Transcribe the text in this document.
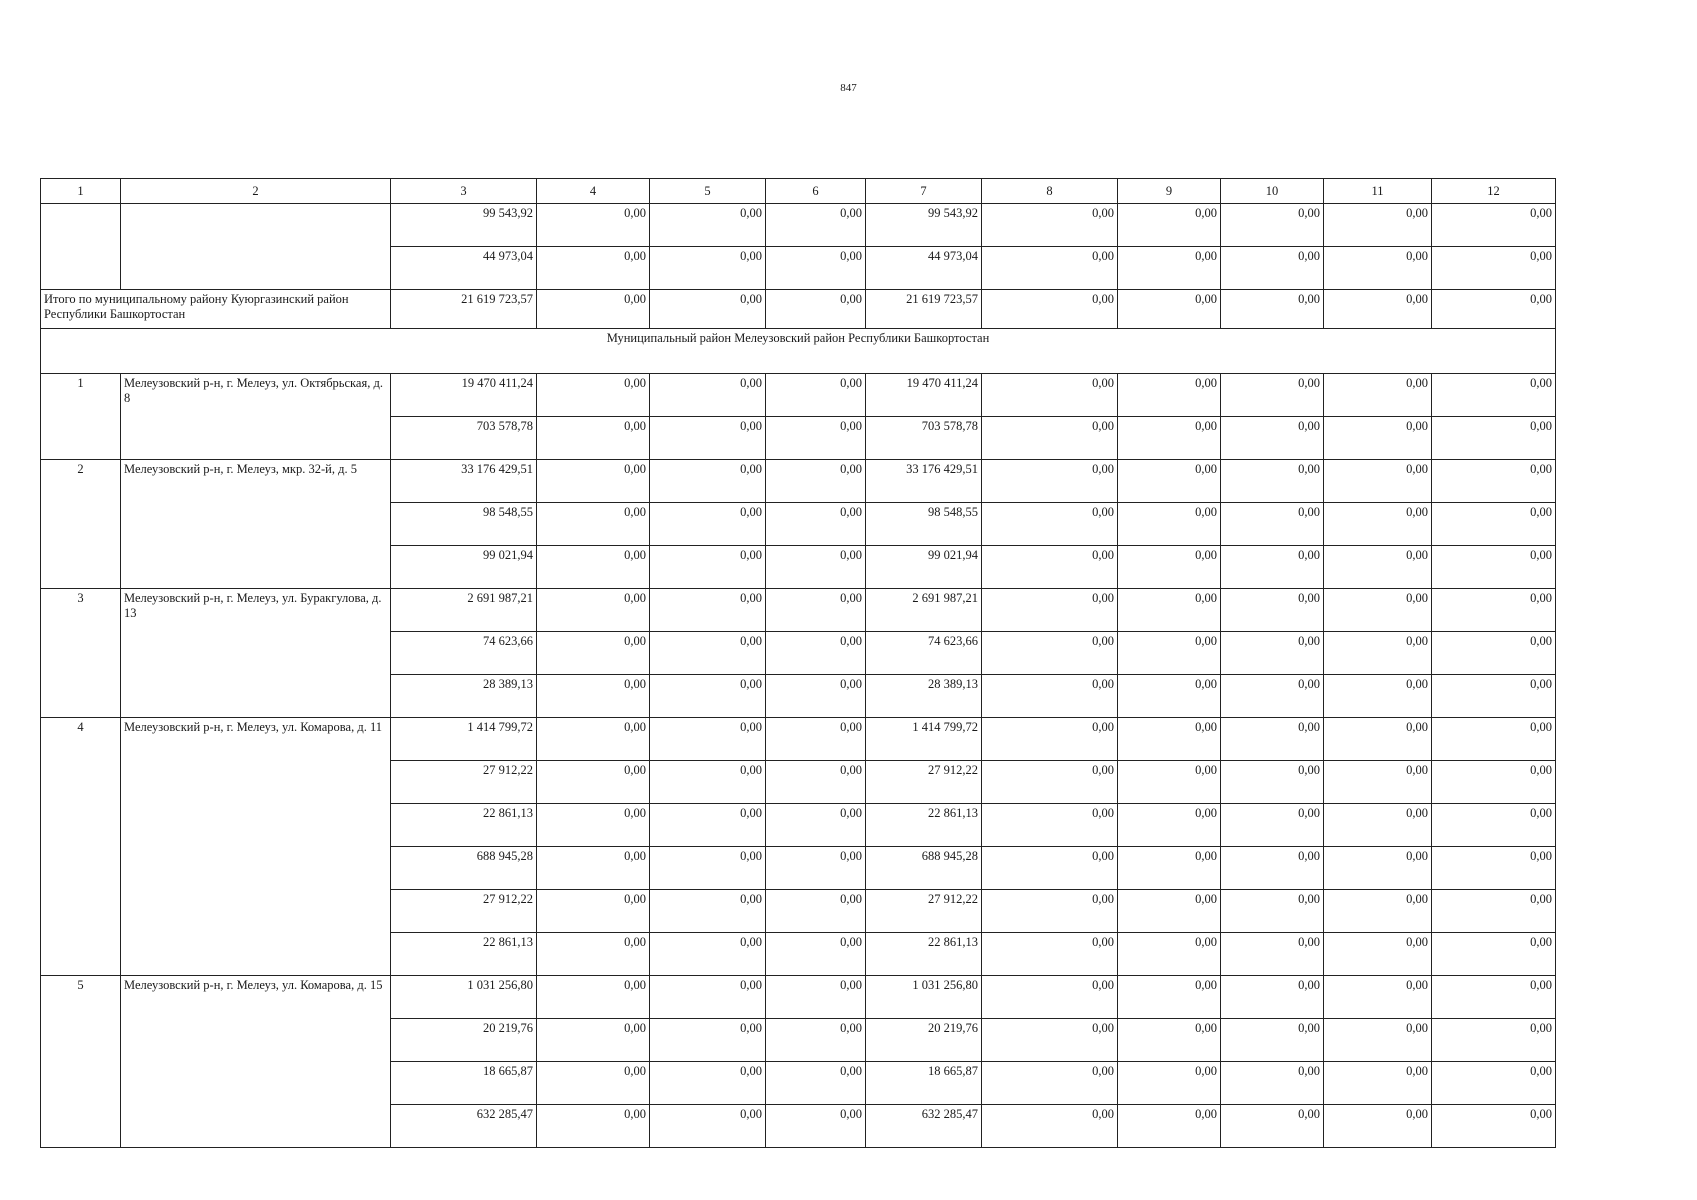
847
1	2	3	4	5	6	7	8	9	10	11	12
		99 543,92	0,00	0,00	0,00	99 543,92	0,00	0,00	0,00	0,00	0,00
		44 973,04	0,00	0,00	0,00	44 973,04	0,00	0,00	0,00	0,00	0,00
Итого по муниципальному району Куюргазинский район Республики Башкортостан		21 619 723,57	0,00	0,00	0,00	21 619 723,57	0,00	0,00	0,00	0,00	0,00
Муниципальный район Мелеузовский район Республики Башкортостан											
1	Мелеузовский р-н, г. Мелеуз, ул. Октябрьская, д. 8	19 470 411,24	0,00	0,00	0,00	19 470 411,24	0,00	0,00	0,00	0,00	0,00
		703 578,78	0,00	0,00	0,00	703 578,78	0,00	0,00	0,00	0,00	0,00
2	Мелеузовский р-н, г. Мелеуз, мкр. 32-й, д. 5	33 176 429,51	0,00	0,00	0,00	33 176 429,51	0,00	0,00	0,00	0,00	0,00
		98 548,55	0,00	0,00	0,00	98 548,55	0,00	0,00	0,00	0,00	0,00
		99 021,94	0,00	0,00	0,00	99 021,94	0,00	0,00	0,00	0,00	0,00
3	Мелеузовский р-н, г. Мелеуз, ул. Буракгулова, д. 13	2 691 987,21	0,00	0,00	0,00	2 691 987,21	0,00	0,00	0,00	0,00	0,00
		74 623,66	0,00	0,00	0,00	74 623,66	0,00	0,00	0,00	0,00	0,00
		28 389,13	0,00	0,00	0,00	28 389,13	0,00	0,00	0,00	0,00	0,00
4	Мелеузовский р-н, г. Мелеуз, ул. Комарова, д. 11	1 414 799,72	0,00	0,00	0,00	1 414 799,72	0,00	0,00	0,00	0,00	0,00
		27 912,22	0,00	0,00	0,00	27 912,22	0,00	0,00	0,00	0,00	0,00
		22 861,13	0,00	0,00	0,00	22 861,13	0,00	0,00	0,00	0,00	0,00
		688 945,28	0,00	0,00	0,00	688 945,28	0,00	0,00	0,00	0,00	0,00
		27 912,22	0,00	0,00	0,00	27 912,22	0,00	0,00	0,00	0,00	0,00
		22 861,13	0,00	0,00	0,00	22 861,13	0,00	0,00	0,00	0,00	0,00
5	Мелеузовский р-н, г. Мелеуз, ул. Комарова, д. 15	1 031 256,80	0,00	0,00	0,00	1 031 256,80	0,00	0,00	0,00	0,00	0,00
		20 219,76	0,00	0,00	0,00	20 219,76	0,00	0,00	0,00	0,00	0,00
		18 665,87	0,00	0,00	0,00	18 665,87	0,00	0,00	0,00	0,00	0,00
		632 285,47	0,00	0,00	0,00	632 285,47	0,00	0,00	0,00	0,00	0,00
